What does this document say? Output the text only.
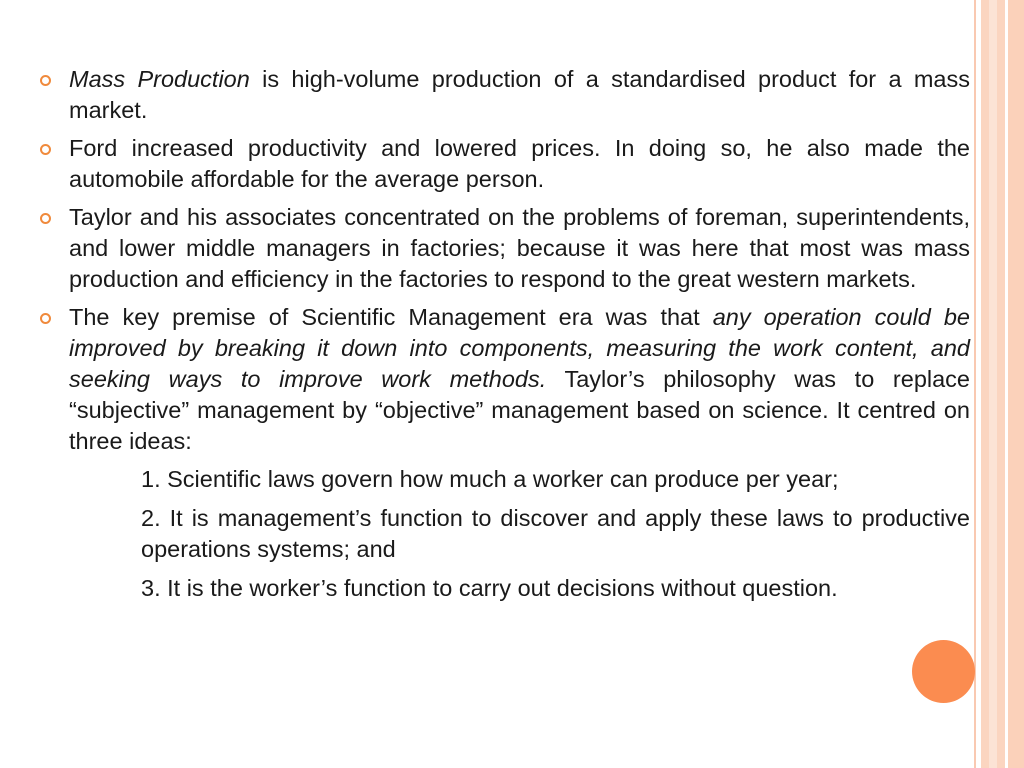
Mass Production is high-volume production of a standardised product for a mass market.
Ford increased productivity and lowered prices. In doing so, he also made the automobile affordable for the average person.
Taylor and his associates concentrated on the problems of foreman, superintendents, and lower middle managers in factories; because it was here that most was mass production and efficiency in the factories to respond to the great western markets.
The key premise of Scientific Management era was that any operation could be improved by breaking it down into components, measuring the work content, and seeking ways to improve work methods. Taylor’s philosophy was to replace “subjective” management by “objective” management based on science. It centred on three ideas:
1. Scientific laws govern how much a worker can produce per year;
2. It is management’s function to discover and apply these laws to productive operations systems; and
3. It is the worker’s function to carry out decisions without question.
